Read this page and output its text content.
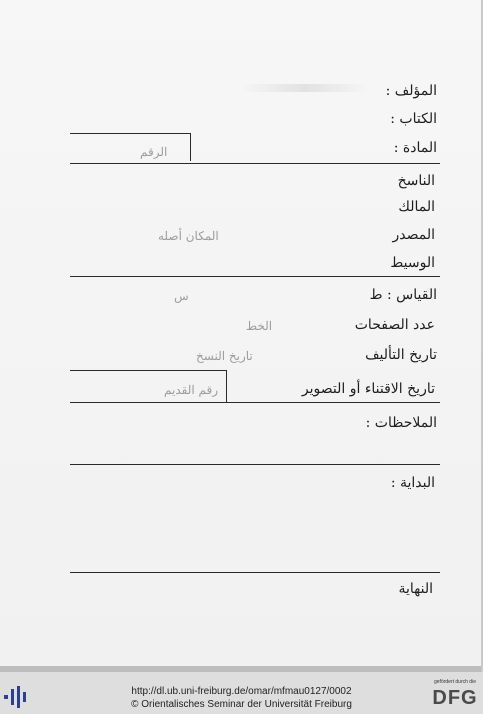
المؤلف :
الكتاب :
المادة :
الرقم
الناسخ
المالك
المصدر
المكان أصله
الوسيط
القياس : ط
س
عدد الصفحات
الخط
تاريخ التأليف
تاريخ النسخ
رقم القديم	تاريخ الاقتناء أو التصوير
الملاحظات :
البداية :
النهاية
http://dl.ub.uni-freiburg.de/omar/mfmau0127/0002
© Orientalisches Seminar der Universität Freiburg
gefördert durch die
DFG
